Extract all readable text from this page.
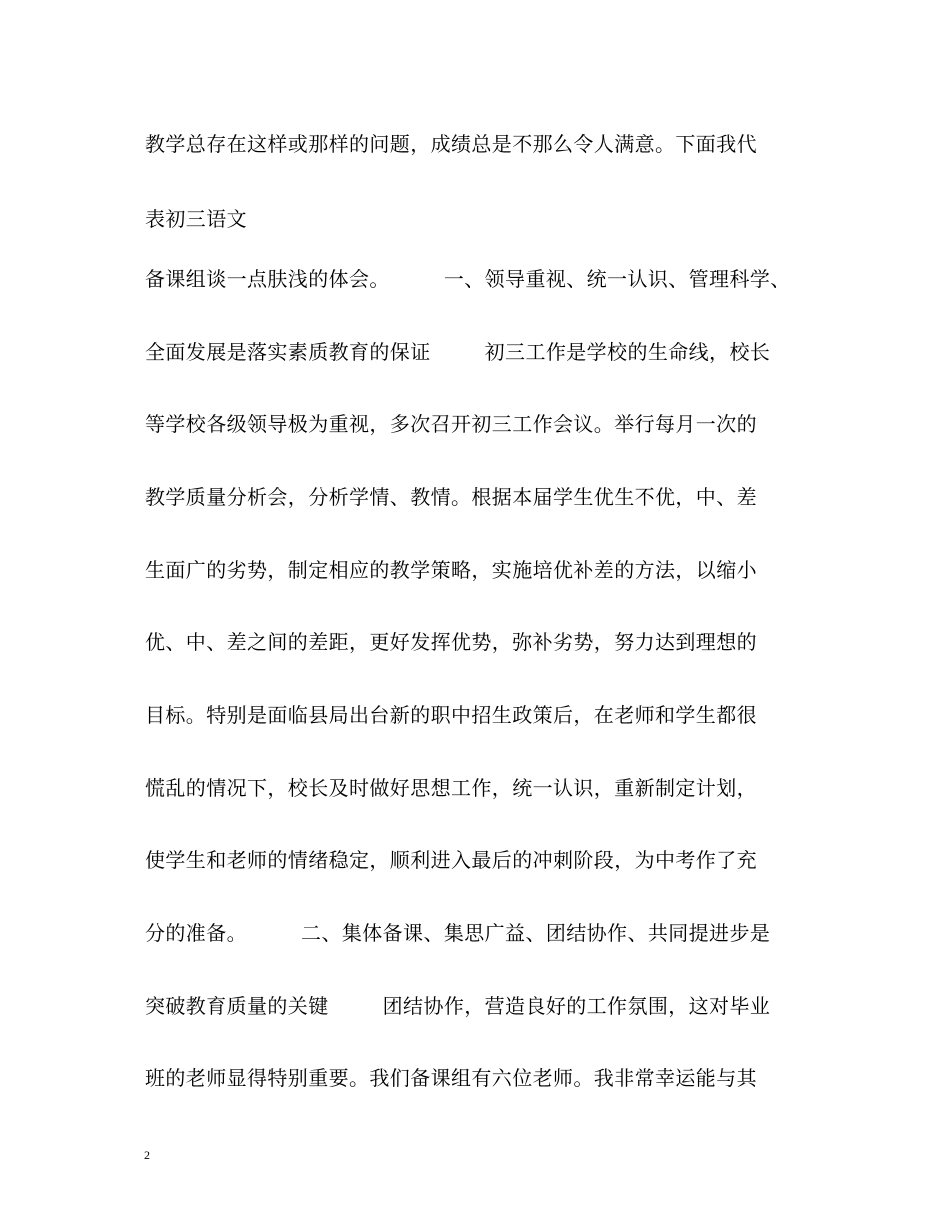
教学总存在这样或那样的问题，成绩总是不那么令人满意。下面我代
表初三语文
备课组谈一点肤浅的体会。        一、领导重视、统一认识、管理科学、
全面发展是落实素质教育的保证        初三工作是学校的生命线，校长
等学校各级领导极为重视，多次召开初三工作会议。举行每月一次的
教学质量分析会，分析学情、教情。根据本届学生优生不优，中、差
生面广的劣势，制定相应的教学策略，实施培优补差的方法，以缩小
优、中、差之间的差距，更好发挥优势，弥补劣势，努力达到理想的
目标。特别是面临县局出台新的职中招生政策后，在老师和学生都很
慌乱的情况下，校长及时做好思想工作，统一认识，重新制定计划，
使学生和老师的情绪稳定，顺利进入最后的冲刺阶段，为中考作了充
分的准备。        二、集体备课、集思广益、团结协作、共同提进步是
突破教育质量的关键        团结协作，营造良好的工作氛围，这对毕业
班的老师显得特别重要。我们备课组有六位老师。我非常幸运能与其
2
